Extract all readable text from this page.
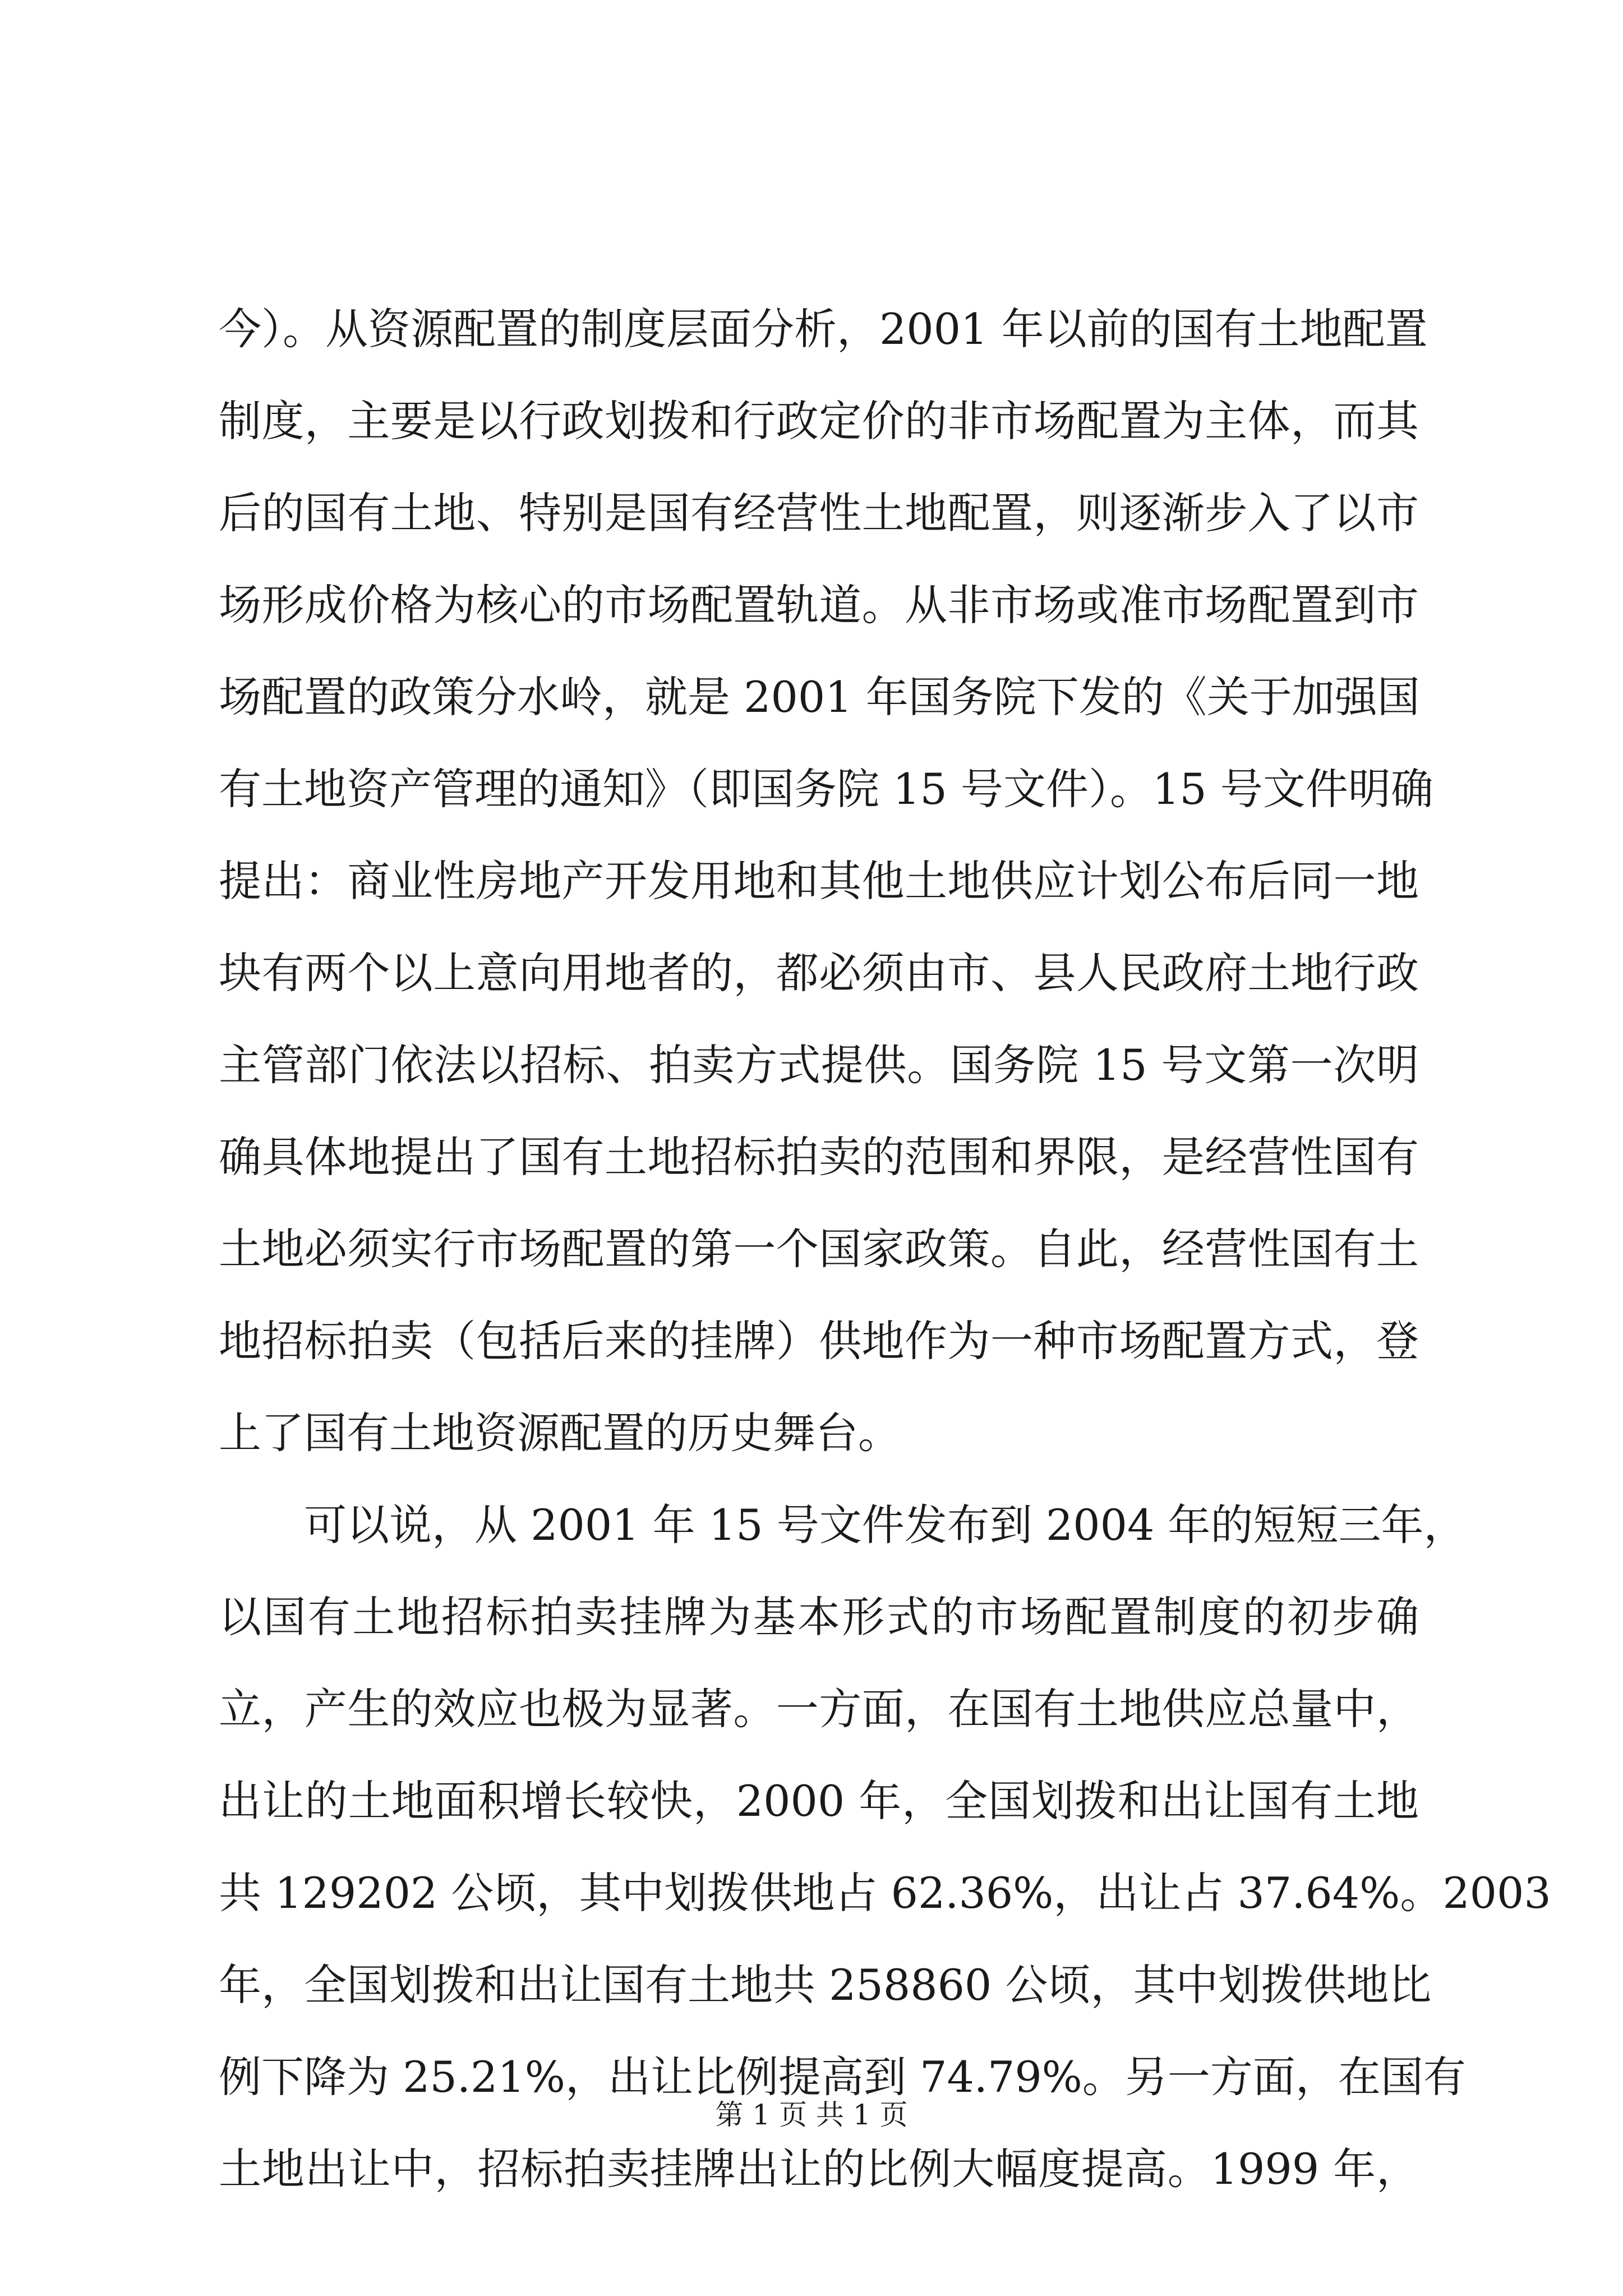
今）。从资源配置的制度层面分析，2001 年以前的国有土地配置
制度，主要是以行政划拨和行政定价的非市场配置为主体，而其
后的国有土地、特别是国有经营性土地配置，则逐渐步入了以市
场形成价格为核心的市场配置轨道。从非市场或准市场配置到市
场配置的政策分水岭，就是 2001 年国务院下发的《关于加强国
有土地资产管理的通知》（即国务院 15 号文件）。15 号文件明确
提出：商业性房地产开发用地和其他土地供应计划公布后同一地
块有两个以上意向用地者的，都必须由市、县人民政府土地行政
主管部门依法以招标、拍卖方式提供。国务院 15 号文第一次明
确具体地提出了国有土地招标拍卖的范围和界限，是经营性国有
土地必须实行市场配置的第一个国家政策。自此，经营性国有土
地招标拍卖（包括后来的挂牌）供地作为一种市场配置方式，登
上了国有土地资源配置的历史舞台。
可以说，从 2001 年 15 号文件发布到 2004 年的短短三年，
以国有土地招标拍卖挂牌为基本形式的市场配置制度的初步确
立，产生的效应也极为显著。一方面，在国有土地供应总量中，
出让的土地面积增长较快，2000 年，全国划拨和出让国有土地
共 129202 公顷，其中划拨供地占 62.36%，出让占 37.64%。2003
年，全国划拨和出让国有土地共 258860 公顷，其中划拨供地比
例下降为 25.21%，出让比例提高到 74.79%。另一方面，在国有
土地出让中，招标拍卖挂牌出让的比例大幅度提高。1999 年，
第 1 页 共 1 页
